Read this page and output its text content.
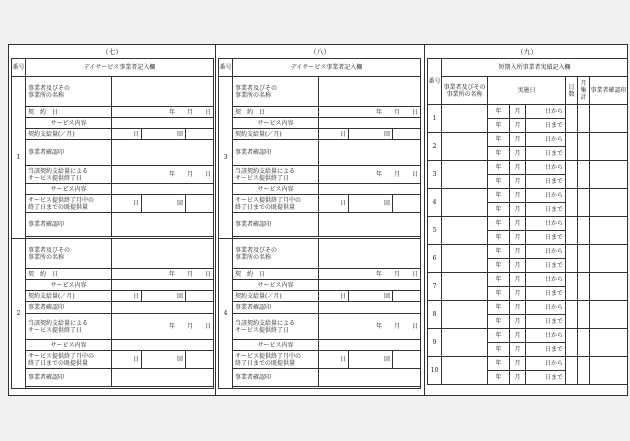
（七）
番号	デイサービス事業者記入欄			
1	事業者及びその
事業所の名称			
	契　約　日	年　　 月　　 日		
	サービス内容			
	契約支給量(／月)	日	回	
	事業者確認印			
	当該契約支給量による
サービス提供終了日	年　　 月　　 日		
	サービス内容			
	サービス提供終了月中の
終了日までの既提供量	日	回	
	事業者確認印			

2	事業者及びその
事業所の名称			
	契　約　日	年　　 月　　 日		
	サービス内容			
	契約支給量(／月)	日	回	
	事業者確認印			
	当該契約支給量による
サービス提供終了日	年　　 月　　 日		
	サービス内容			
	サービス提供終了月中の
終了日までの既提供量	日	回	
	事業者確認印			

（八）
番号	デイサービス事業者記入欄			
3	事業者及びその
事業所の名称			
	契　約　日	年　　 月　　 日		
	サービス内容			
	契約支給量(／月)	日	回	
	事業者確認印			
	当該契約支給量による
サービス提供終了日	年　　 月　　 日		
	サービス内容			
	サービス提供終了月中の
終了日までの既提供量	日	回	
	事業者確認印			

4	事業者及びその
事業所の名称			
	契　約　日	年　　 月　　 日		
	サービス内容			
	契約支給量(／月)	日	回	
	事業者確認印			
	当該契約支給量による
サービス提供終了日	年　　 月　　 日		
	サービス内容			
	サービス提供終了月中の
終了日までの既提供量	日	回	
	事業者確認印			

（九）
番号	短期入所事業者実績記入欄						
	事業者及びその
事業所の名称	実施日			日数	月集計	事業者確認印
1		年	月	日から			
		年	月	日まで			
2		年	月	日から			
		年	月	日まで			
3		年	月	日から			
		年	月	日まで			
4		年	月	日から			
		年	月	日まで			
5		年	月	日から			
		年	月	日まで			
6		年	月	日から			
		年	月	日まで			
7		年	月	日から			
		年	月	日まで			
8		年	月	日から			
		年	月	日まで			
9		年	月	日から			
		年	月	日まで			
10		年	月	日から			
		年	月	日まで			
